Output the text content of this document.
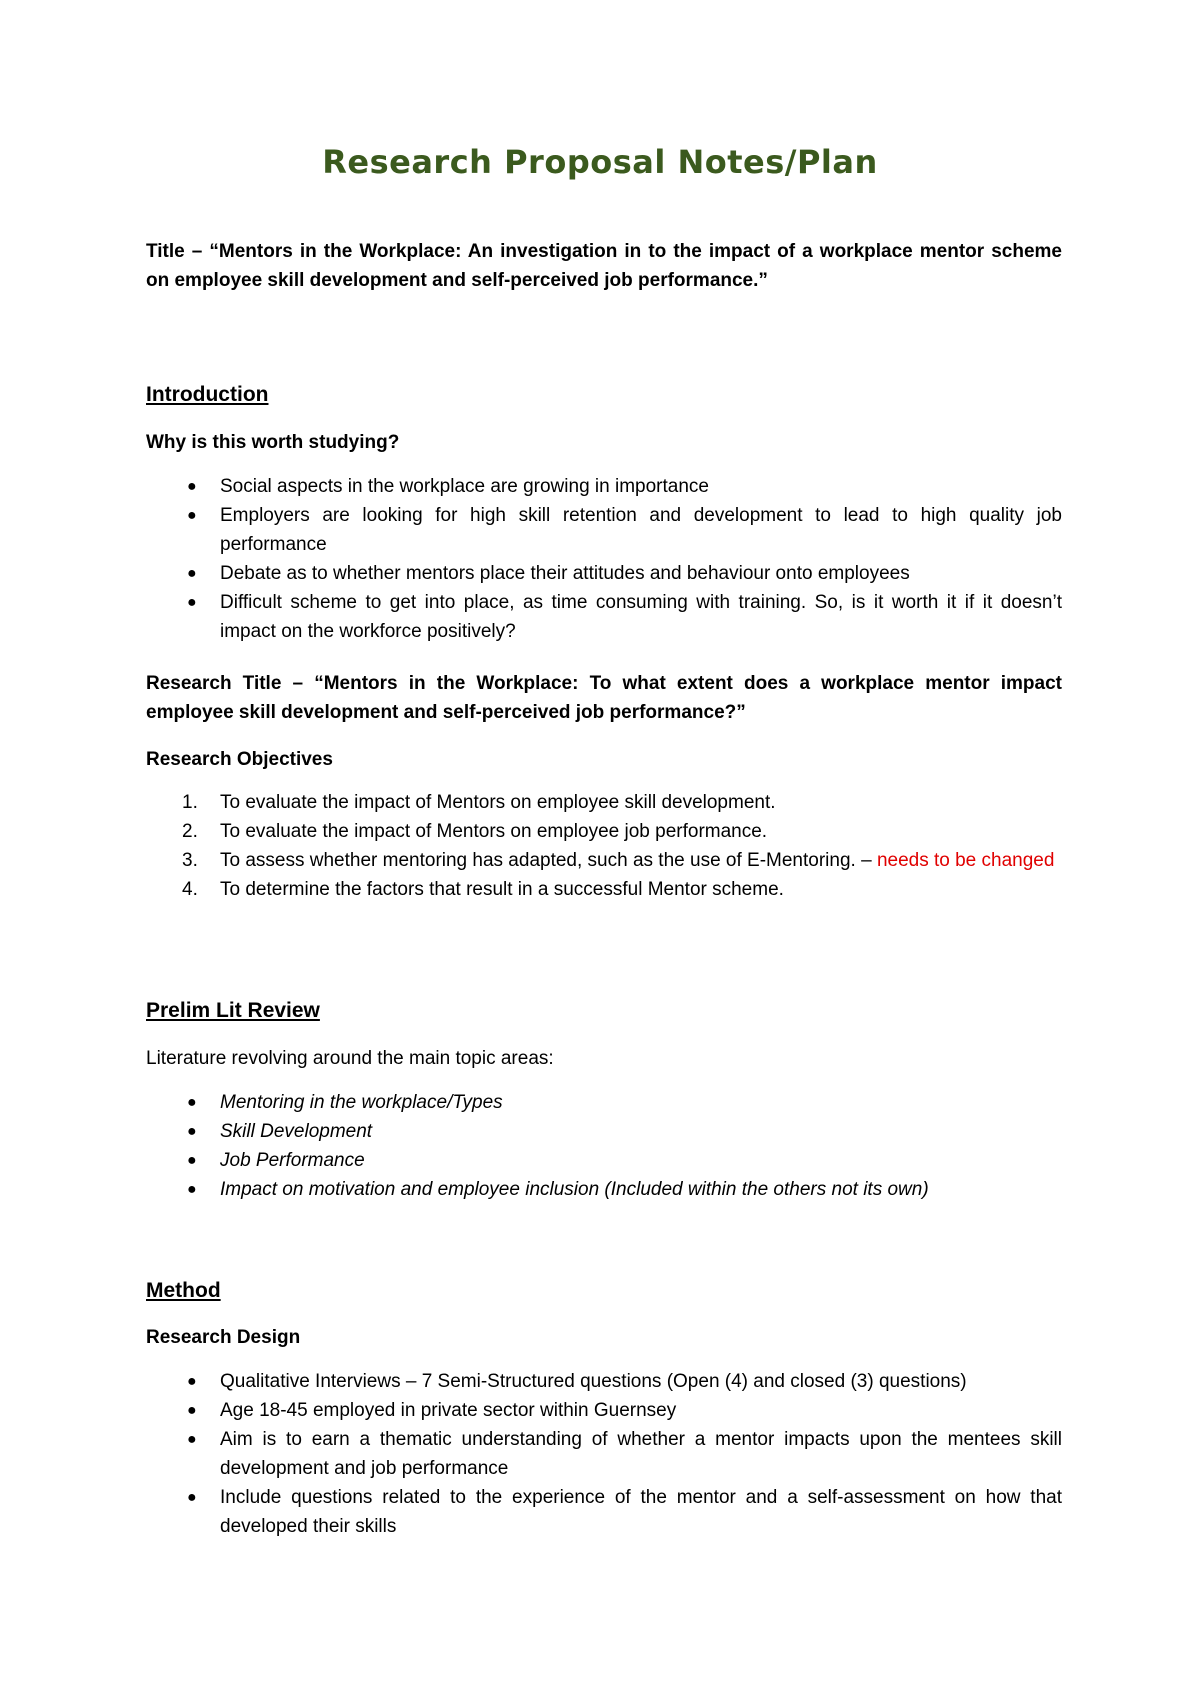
Research Proposal Notes/Plan
Title – “Mentors in the Workplace: An investigation in to the impact of a workplace mentor scheme on employee skill development and self-perceived job performance.”
Introduction
Why is this worth studying?
●	Social aspects in the workplace are growing in importance
●	Employers are looking for high skill retention and development to lead to high quality job performance
●	Debate as to whether mentors place their attitudes and behaviour onto employees
●	Difficult scheme to get into place, as time consuming with training. So, is it worth it if it doesn’t impact on the workforce positively?
Research Title – “Mentors in the Workplace: To what extent does a workplace mentor impact employee skill development and self-perceived job performance?”
Research Objectives
1.	To evaluate the impact of Mentors on employee skill development.
2.	To evaluate the impact of Mentors on employee job performance.
3.	To assess whether mentoring has adapted, such as the use of E-Mentoring. – needs to be changed
4.	To determine the factors that result in a successful Mentor scheme.
Prelim Lit Review
Literature revolving around the main topic areas:
●	Mentoring in the workplace/Types
●	Skill Development
●	Job Performance
●	Impact on motivation and employee inclusion (Included within the others not its own)
Method
Research Design
●	Qualitative Interviews – 7 Semi-Structured questions (Open (4) and closed (3) questions)
●	Age 18-45 employed in private sector within Guernsey
●	Aim is to earn a thematic understanding of whether a mentor impacts upon the mentees skill development and job performance
●	Include questions related to the experience of the mentor and a self-assessment on how that developed their skills
